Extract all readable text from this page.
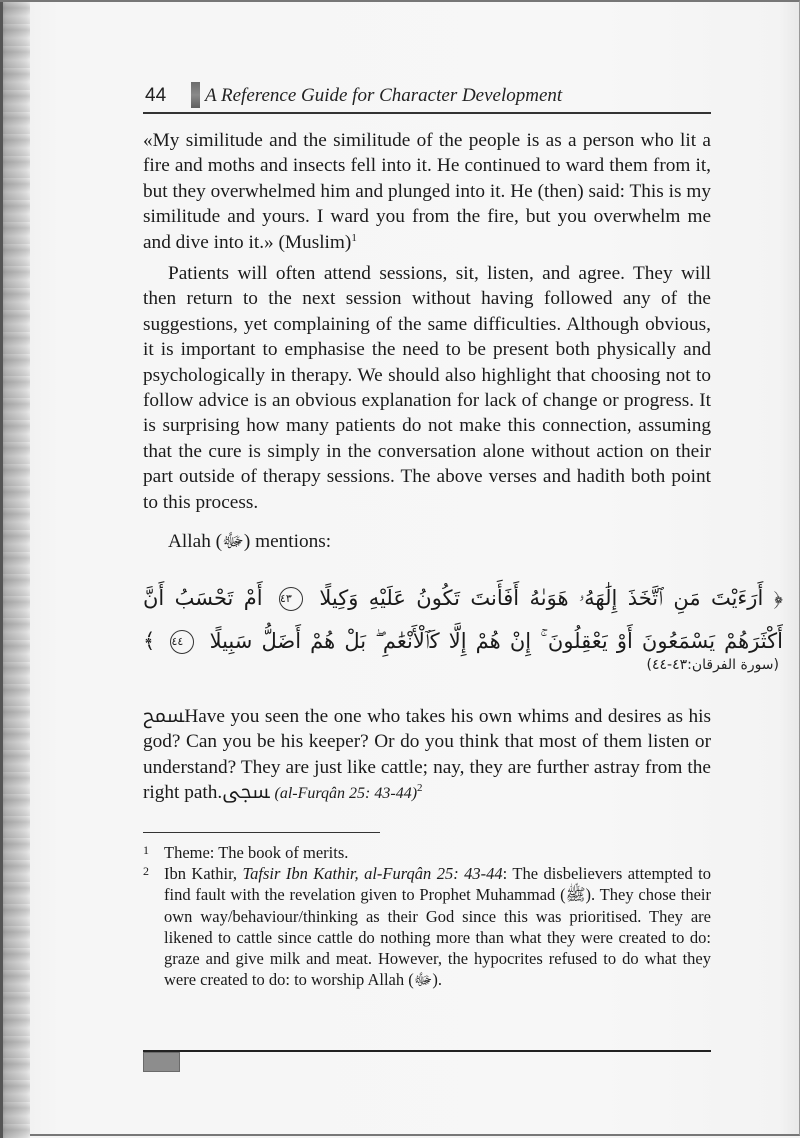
44 A Reference Guide for Character Development

«My similitude and the similitude of the people is as a person who lit a fire and moths and insects fell into it. He continued to ward them from it, but they overwhelmed him and plunged into it. He (then) said: This is my similitude and yours. I ward you from the fire, but you overwhelm me and dive into it.» $(Muslim)^1$

Patients will often attend sessions, sit, listen, and agree. They will then return to the next session without having followed any of the suggestions, yet complaining of the same difficulties. Although obvious, it is important to emphasise the need to be present both physically and psychologically in therapy. We should also highlight that choosing not to follow advice is an obvious explanation for lack of change or progress. It is surprising how many patients do not make this connection, assuming that the cure is simply in the conversation alone without action on their part outside of therapy sessions. The above verses and hadith both point to this process.

Allah (ﷻ) mentions:
﴿ أَرَءَيْتَ مَنِ ٱتَّخَذَ إِلَٰهَهُۥ هَوَىٰهُ أَفَأَنتَ تَكُونُ عَلَيْهِ وَكِيلًا ٤٣ أَمْ تَحْسَبُ أَنَّ
أَكْثَرَهُمْ يَسْمَعُونَ أَوْ يَعْقِلُونَ ۚ إِنْ هُمْ إِلَّا كَٱلْأَنْعَٰمِ ۖ بَلْ هُمْ أَضَلُّ سَبِيلًا ٤٤ ﴾
(سورة الفرقان:٤٣-٤٤)
ﵟHave you seen the one who takes his own whims and desires as his god? Can you be his keeper? Or do you think that most of them listen or understand? They are just like cattle; nay, they are further astray from the right path.ﵞ (al-Furqân 25: 43-44)$^2$

1 Theme: The book of merits.

2 Ibn Kathir, Tafsir Ibn Kathir, al-Furqân 25: 43-44: The disbelievers attempted to find fault with the revelation given to Prophet Muhammad (ﷺ). They chose their own way/behaviour/thinking as their God since this was prioritised. They are likened to cattle since cattle do nothing more than what they were created to do: graze and give milk and meat. However, the hypocrites refused to do what they were created to do: to worship Allah (ﷻ).
